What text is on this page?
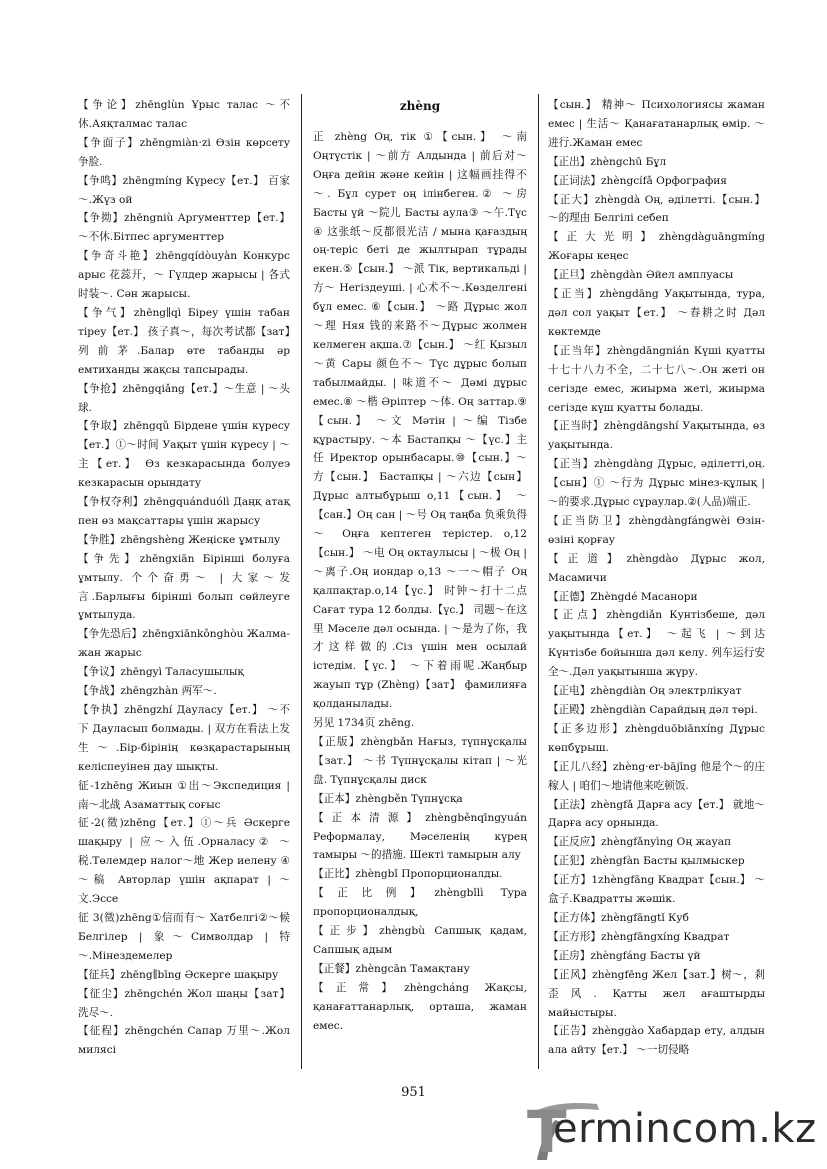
【争论】zhēnglùn Ұрыс талас ～不休.Аяқталмас талас

【争面子】zhēngmiàn·zi Өзін көрсету 争脸.

【争鸣】zhēngmíng Күресу【ет.】 百家～.Жүз ой

【争拗】zhēngniù Аргументтер【ет.】 ～不休.Бітпес аргументтер

【争奇斗艳】zhēngqídòuyàn Конкурс арыс 花蕊开，～ Гүлдер жарысы | 各式时装～. Сән жарысы.

【争气】zhēng∥qì Біреу үшін табан тіреу【ет.】 孩子真～，每次考试都【зат】列前茅.Балар өте табанды әр емтиханды жақсы тапсырады.

【争抢】zhēngqiǎng【ет.】～生意 | ～头球.

【争取】zhēngqǔ Бірдене үшін күресу【ет.】①～时间 Уақыт үшін күресу | ～主【ет.】 Өз кезкарасында болуеэ кезкарасын орындату

【争权夺利】zhēngquánduólì Даңқ атақ пен өз мақсаттары үшін жарысу

【争胜】zhēngshèng Жеңіске ұмтылу

【争先】zhēngxiān Бірінші болуға ұмтылу. 个个奋勇～ | 大家～发言.Барлығы бірінші болып сөйлеуге ұмтылуда.

【争先恐后】zhēngxiānkǒnghòu Жалма-жан жарыс

【争议】zhēngyì Таласушылық

【争战】zhēngzhàn 两军～.

【争执】zhēngzhí Дауласу【ет.】 ～不下 Дауласып болмады. | 双方在看法上发生～.Бір-бірінің көзқарастарының келіспеуінен дау шықты.

征-1zhēng Жиын ①出～Экспедиция | 南～北战 Азаматтық соғыс

征-2(徵)zhēng【ет.】①～兵 Әскерге шақыру | 应～入伍.Орналасу② ～税.Төлемдер налог～地 Жер иелену ④～稿 Авторлар үшін ақпарат | ～文.Эссе

征 3(徵)zhēng①信而有～ Хатбелгі②～候 Белгілер | 象～Символдар | 特～.Мінездемелер

【征兵】zhēng∥bīng Әскерге шақыру

【征尘】zhēngchén Жол шаңы【зат】洗尽～.

【征程】zhēngchén Сапар 万里～.Жол миляcі

zhèng

正 zhèng Оң, тік ①【сын.】 ～南 Оңтүстік | ～前方 Алдында | 前后对～ Оңға дейін және кейін | 这幅画挂得不～. Бұл сурет оң ілінбеген.② ～房 Басты үй ～院儿 Басты аула③ ～午.Түс ④ 这张纸～反都很光洁 / мына қағаздың оң-теріс беті де жылтырап тұрады екен.⑤【сын.】 ～派 Тік, вертикальді | 方～ Негіздеуші. | 心术不～.Көзделгені бұл емес. ⑥【сын.】 ～路 Дұрыс жол ～理 Няя 钱的来路不～Дұрыс жолмен келмеген ақша.⑦【сын.】 ～红 Қызыл ～黄 Сары 颜色不～ Түс дұрыс болып табылмайды. | 味道不～ Дәмі дұрыс емес.⑧ ～楷 Әріптер ～体. Оң заттар.⑨【сын.】 ～文 Мәтін | ～编 Тізбе құрастыру. ～本 Бастапқы ～【үс.】主任 Иректор орынбасары.⑩【сын.】～方【сын.】 Бастапқы | ～六边【сын】Дұрыс алтыбұрыш о,11【сын.】 ～【сан.】Оң сан | ～号 Оң таңба 负乘负得～ Оңға кептеген терістер. о,12【сын.】 ～电 Оң октаулысы | ～极 Оң | ～离子.Оң иондар о,13 ～一～帽子 Оң қалпақтар.о,14【үс.】 时钟～打十二点 Сағат тура 12 болды.【үс.】 司题～在这里 Мәселе дәл осында. | ～是为了你，我才这样做的.Сіз үшін мен осылай істедім.【үс.】 ～下着雨呢.Жаңбыр жауып тұр (Zhèng)【зат】 фамилияға қолданылады.

另见 1734页 zhēng.

【正版】zhèngbǎn Нағыз, түпнұсқалы【зат.】 ～书 Түпнұсқалы кітап | ～光盘. Түпнұсқалы диск

【正本】zhèngběn Түпнұсқа

【正本清源】zhèngběnqīngyuán Реформалау, Мәселенің күрең тамыры ～的措施. Шекті тамырын алу

【正比】zhèngbǐ Пропорционалды.

【正比例】zhèngbǐlì Тура пропорционалдық,

【正步】zhèngbù Сапшық қадам, Сапшық адым

【正餐】zhèngcān Тамақтану

【正常】zhèngcháng Жақсы, қанағаттанарлық, орташа, жаман емес.

【сын.】 精神～ Психологиясы жаман емес | 生活～ Қанағатанарлық өмір. ～进行.Жаман емес

【正出】zhèngchū Бұл

【正词法】zhèngcífǎ Орфография

【正大】zhèngdà Оң, әділетті.【сын.】 ～的理由 Белгілі себеп

【正大光明】zhèngdàguāngmíng Жоғары кеңес

【正旦】zhèngdàn Әйел амплуасы

【正当】zhèngdāng Уақытында, тура, дәл сол уақыт【ет.】 ～春耕之时 Дәл көктемде

【正当年】zhèngdāngnián Күші қуатты 十七十八力不全，二十七八～.Он жеті он сегізде емес, жиырма жеті, жиырма сегізде күш қуатты болады.

【正当时】zhèngdāngshí Уақытында, өз уақытында.

【正当】zhèngdàng Дұрыс, әділетті,оң.【сын】① ～行为 Дұрыс мінез-құлық | ～的要求.Дұрыс сұраулар.②(人品)端正.

【正当防卫】zhèngdàngfángwèi Өзін-өзіні қорғау

【正道】zhèngdào Дұрыс жол, Масамичи

【正德】Zhèngdé Масанори

【正点】zhèngdiǎn Кунтізбеше, дәл уақытында【ет.】 ～起飞 | ～到达 Күнтізбе бойынша дәл келу. 列车运行安全～.Дәл уақытынша жүру.

【正电】zhèngdiàn Оң электрлікуат

【正殿】zhèngdiàn Сарайдың дәл төрі.

【正多边形】zhèngduōbiānxíng Дұрыс көпбұрыш.

【正儿八经】zhèng·er-bājīng 他是个～的庄稼人 | 咱们～地请他来吃顿饭.

【正法】zhèngfǎ Дарға асу【ет.】 就地～Дарға асу орнында.

【正反应】zhèngfǎnyìng Оң жауап

【正犯】zhèngfàn Басты қылмыскер

【正方】1zhèngfāng Квадрат【сын.】 ～盒子.Квадратты жәшік.

【正方体】zhèngfāngtǐ Куб

【正方形】zhèngfāngxíng Квадрат

【正房】zhèngfáng Басты үй

【正风】zhèngfēng Жел【зат.】树～，剎歪风. Қатты жел ағаштырды майыстыры.

【正告】zhènggào Хабардар ету, алдын ала айту【ет.】 ～一切侵略

951
T
ermincom.kz
